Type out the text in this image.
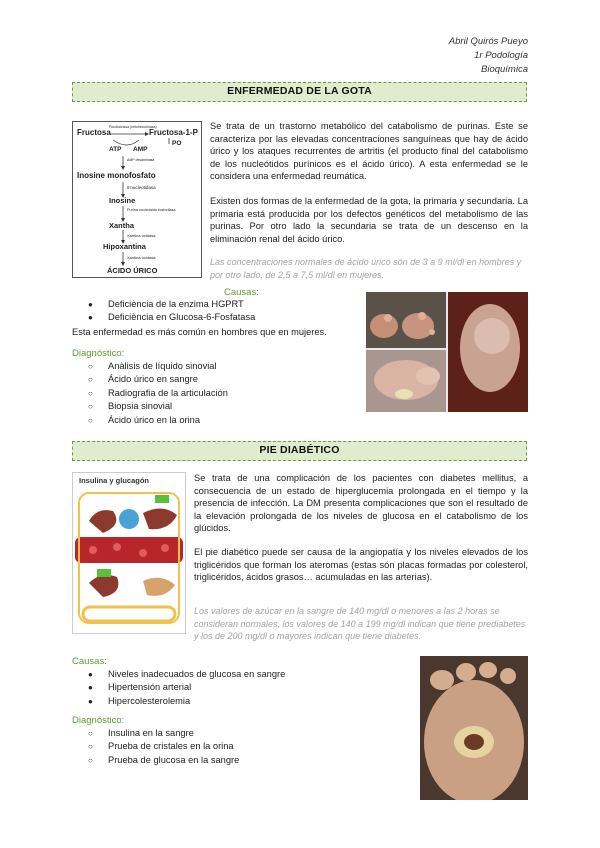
Abril Quirós Pueyo
1r Podología
Bioquímica
ENFERMEDAD DE LA GOTA
Fructosa
Fructocinasa (cetohexocinasa)
Fructosa-1-P
ATP AMP
PO
AMP desaminasa
Inosine monofosfato
5'nucleotidasa
Inosine
Purina nucleósido fosforilasa
Xantha
Xantina oxidasa
Hipoxantina
Xantina oxidasa
ÁCIDO ÚRICO

Se trata de un trastorno metabólico del catabolismo de purinas. Este se caracteriza por las elevadas concentraciones sanguíneas que hay de ácido úrico y los ataques recurrentes de artritis (el producto final del catabolismo de los nucleótidos purínicos es el ácido úrico). A esta enfermedad se le considera una enfermedad reumática.

Existen dos formas de la enfermedad de la gota, la primaria y secundaria. La primaria está producida por los defectos genéticos del metabolismo de las purinas. Por otro lado la secundaria se trata de un descenso en la eliminación renal del ácido úrico.

Las concentraciones normales de ácido úrico són de 3 a 9 ml/dl en hombres y por otro lado, de 2,5 a 7,5 ml/dl en mujeres.

Causas:
● Deficiència de la enzima HGPRT
● Deficiència en Glucosa-6-Fosfatasa
Esta enfermedad es más común en hombres que en mujeres.
Diagnóstico:
○ Anàlisis de líquido sinovial
○ Ácido úrico en sangre
○ Radiografia de la articulación
○ Biopsia sinovial
○ Ácido úrico en la orina
PIE DIABÉTICO
Insulina y glucagón	Se trata de una complicación de los pacientes con diabetes mellitus, a consecuencia de un estado de hiperglucemia prolongada en el tiempo y la presencia de infección. La DM presenta complicaciones que son el resultado de la elevación prolongada de los niveles de glucosa en el catabolismo de los glúcidos.

El pie diabético puede ser causa de la angiopatía y los niveles elevados de los triglicéridos que forman los ateromas (estas són placas formadas por colesterol, triglicéridos, ácidos grasos… acumuladas en las arterias).

Los valores de azúcar en la sangre de 140 mg/dl o menores a las 2 horas se consideran normales, los valores de 140 a 199 mg/dl indican que tiene prediabetes y los de 200 mg/dl o mayores indican que tiene diabetes.

Causas:
● Niveles inadecuados de glucosa en sangre
● Hipertensión arterial
● Hipercolesterolemia
Diagnóstico:
○ Insulina en la sangre
○ Prueba de cristales en la orina
○ Prueba de glucosa en la sangre
